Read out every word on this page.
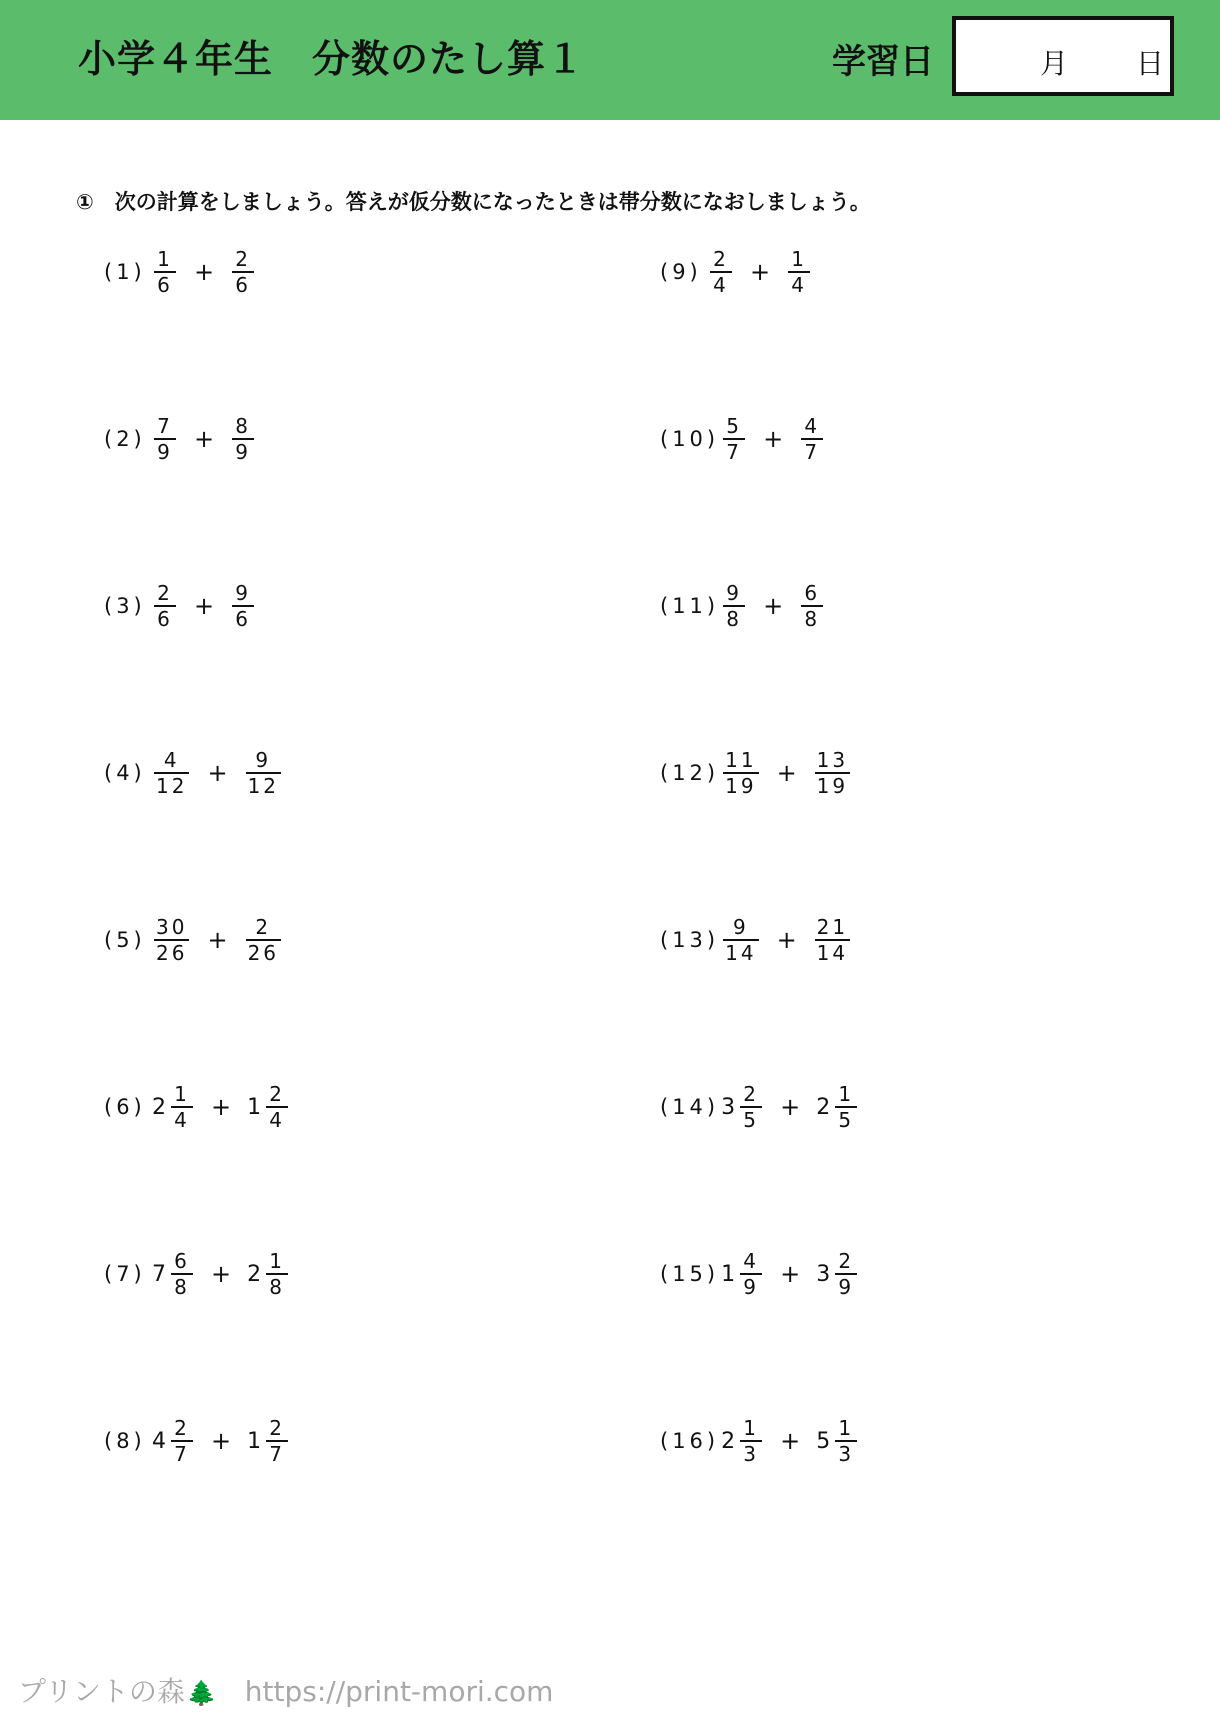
小学４年生　分数のたし算１	学習日	月 日
①　次の計算をしましょう。答えが仮分数になったときは帯分数になおしましょう。
$(1) \frac{1}{6} + \frac{2}{6}$
$(2) \frac{7}{9} + \frac{8}{9}$
$(3) \frac{2}{6} + \frac{9}{6}$
$(4) \frac{4}{12} + \frac{9}{12}$
$(5) \frac{30}{26} + \frac{2}{26}$
(6) $2 \frac{1}{4} + 1 \frac{2}{4}$
(7) $7 \frac{6}{8} + 2 \frac{1}{8}$
(8) $4 \frac{2}{7} + 1 \frac{2}{7}$
$(9) \frac{2}{4} + \frac{1}{4}$
$(10) \frac{5}{7} + \frac{4}{7}$
$(11) \frac{9}{8} + \frac{6}{8}$
$(12) \frac{11}{19} + \frac{13}{19}$
$(13) \frac{9}{14} + \frac{21}{14}$
(14) $3 \frac{2}{5} + 2 \frac{1}{5}$
(15) $1 \frac{4}{9} + 3 \frac{2}{9}$
(16) $2 \frac{1}{3} + 5 \frac{1}{3}$
プリントの森🌲 https://print-mori.com
